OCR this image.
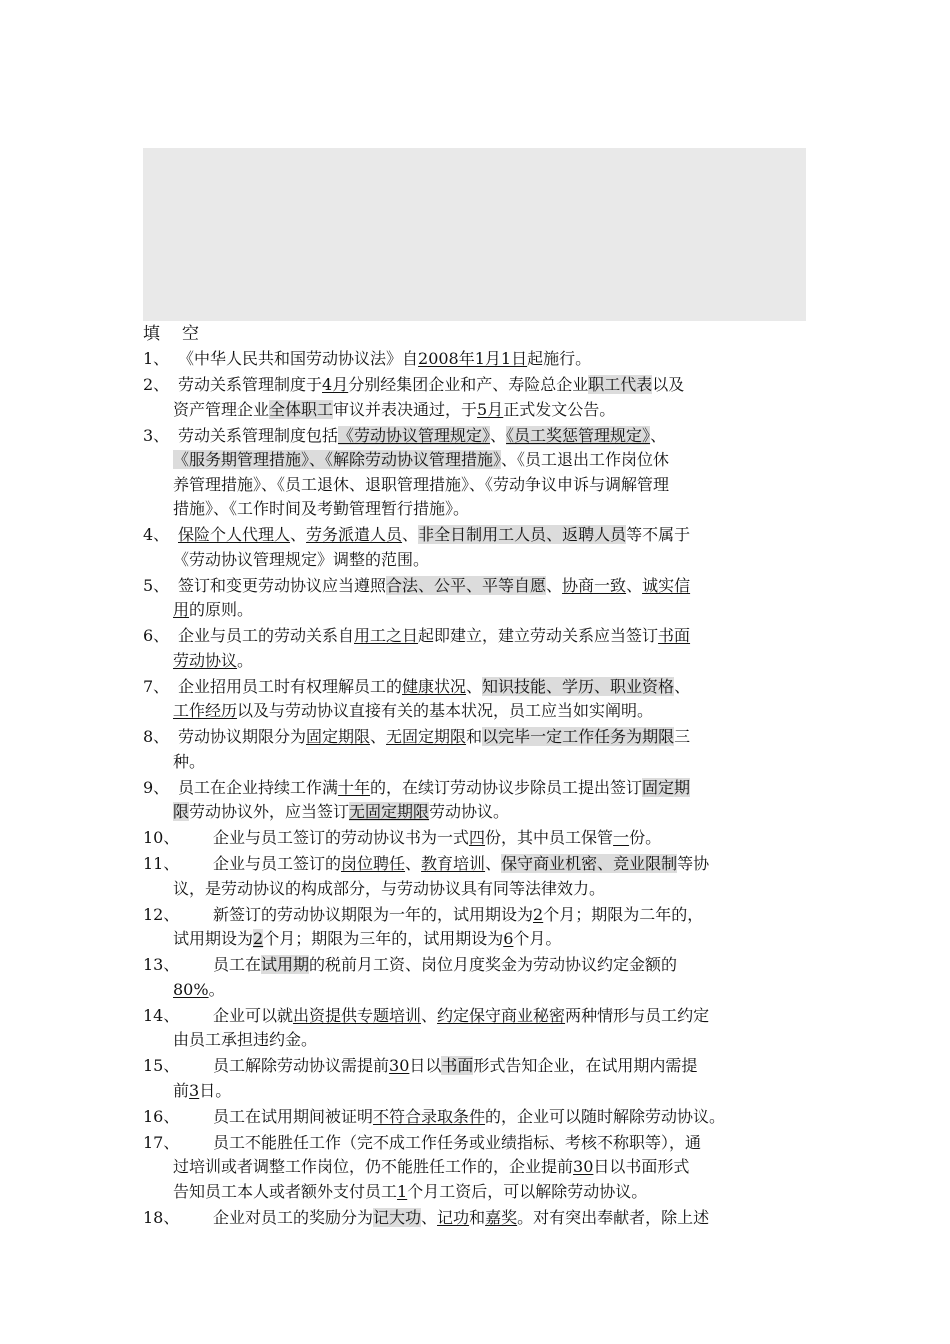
填 空
1、 《中华人民共和国劳动协议法》自2008年1月1日起施行。
2、 劳动关系管理制度于4月分别经集团企业和产、寿险总企业职工代表以及
资产管理企业全体职工审议并表决通过，于5月正式发文公告。
3、 劳动关系管理制度包括《劳动协议管理规定》、《员工奖惩管理规定》、
《服务期管理措施》、《解除劳动协议管理措施》、《员工退出工作岗位休
养管理措施》、《员工退休、退职管理措施》、《劳动争议申诉与调解管理
措施》、《工作时间及考勤管理暂行措施》。
4、 保险个人代理人、劳务派遣人员、非全日制用工人员、返聘人员等不属于
《劳动协议管理规定》调整的范围。
5、 签订和变更劳动协议应当遵照合法、公平、平等自愿、协商一致、诚实信
用的原则。
6、 企业与员工的劳动关系自用工之日起即建立，建立劳动关系应当签订书面
劳动协议。
7、 企业招用员工时有权理解员工的健康状况、知识技能、学历、职业资格、
工作经历以及与劳动协议直接有关的基本状况，员工应当如实阐明。
8、 劳动协议期限分为固定期限、无固定期限和以完毕一定工作任务为期限三
种。
9、 员工在企业持续工作满十年的，在续订劳动协议步除员工提出签订固定期
限劳动协议外，应当签订无固定期限劳动协议。
10、	企业与员工签订的劳动协议书为一式四份，其中员工保管一份。
11、	企业与员工签订的岗位聘任、教育培训、保守商业机密、竞业限制等协
议，是劳动协议的构成部分，与劳动协议具有同等法律效力。
12、	新签订的劳动协议期限为一年的，试用期设为2个月；期限为二年的，
试用期设为2个月；期限为三年的，试用期设为6个月。
13、	员工在试用期的税前月工资、岗位月度奖金为劳动协议约定金额的
80%。
14、	企业可以就出资提供专题培训、约定保守商业秘密两种情形与员工约定
由员工承担违约金。
15、	员工解除劳动协议需提前30日以书面形式告知企业，在试用期内需提
前3日。
16、	员工在试用期间被证明不符合录取条件的，企业可以随时解除劳动协议。
17、	员工不能胜任工作（完不成工作任务或业绩指标、考核不称职等），通
过培训或者调整工作岗位，仍不能胜任工作的，企业提前30日以书面形式
告知员工本人或者额外支付员工1个月工资后，可以解除劳动协议。
18、	企业对员工的奖励分为记大功、记功和嘉奖。对有突出奉献者，除上述
